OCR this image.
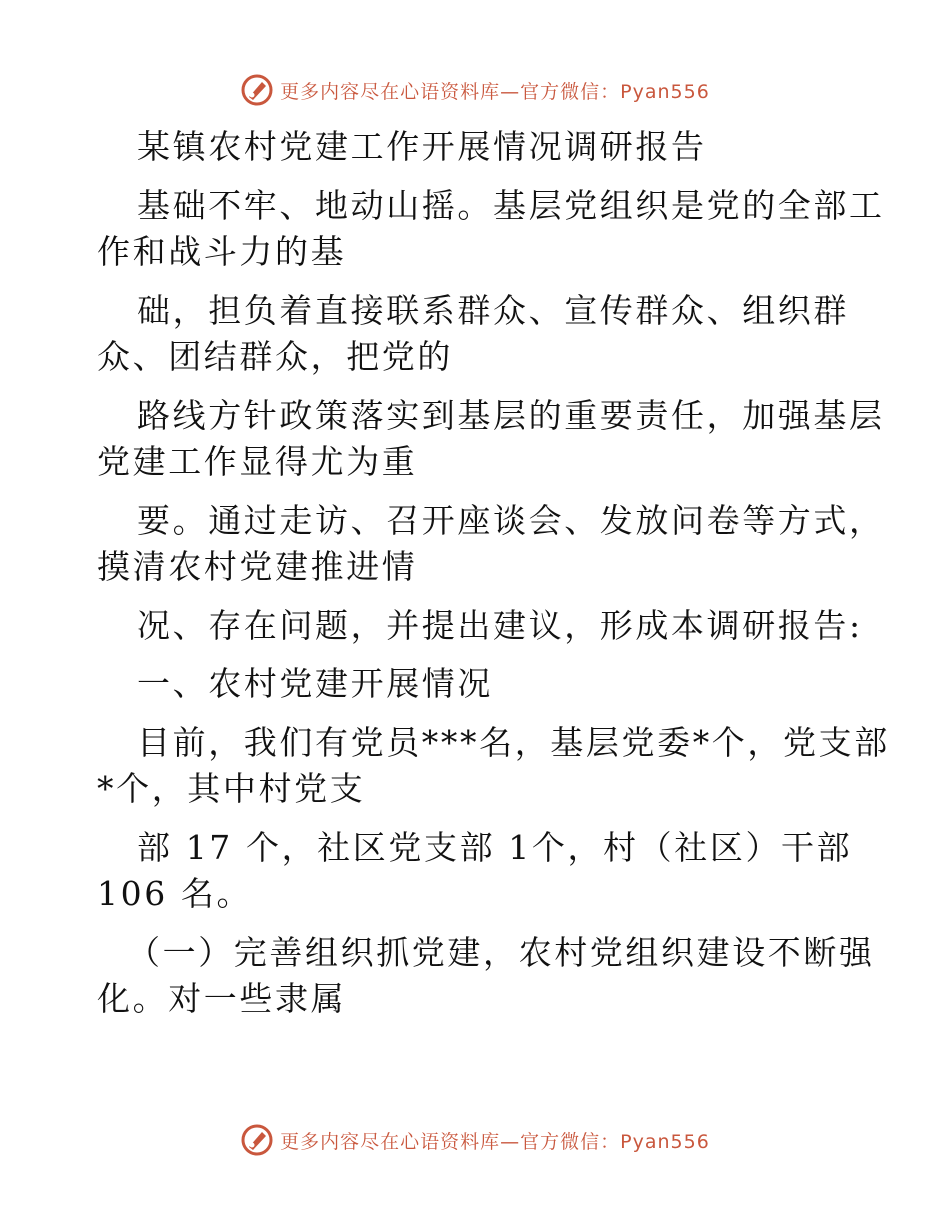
更多内容尽在心语资料库—官方微信：Pyan556
某镇农村党建工作开展情况调研报告
基础不牢、地动山摇。基层党组织是党的全部工
作和战斗力的基
础，担负着直接联系群众、宣传群众、组织群
众、团结群众，把党的
路线方针政策落实到基层的重要责任，加强基层
党建工作显得尤为重
要。通过走访、召开座谈会、发放问卷等方式，
摸清农村党建推进情
况、存在问题，并提出建议，形成本调研报告:
一、农村党建开展情况
目前，我们有党员***名，基层党委*个，党支部
*个，其中村党支
部 17 个，社区党支部 1个，村（社区）干部
106 名。
（一）完善组织抓党建，农村党组织建设不断强
化。对一些隶属
更多内容尽在心语资料库—官方微信：Pyan556
